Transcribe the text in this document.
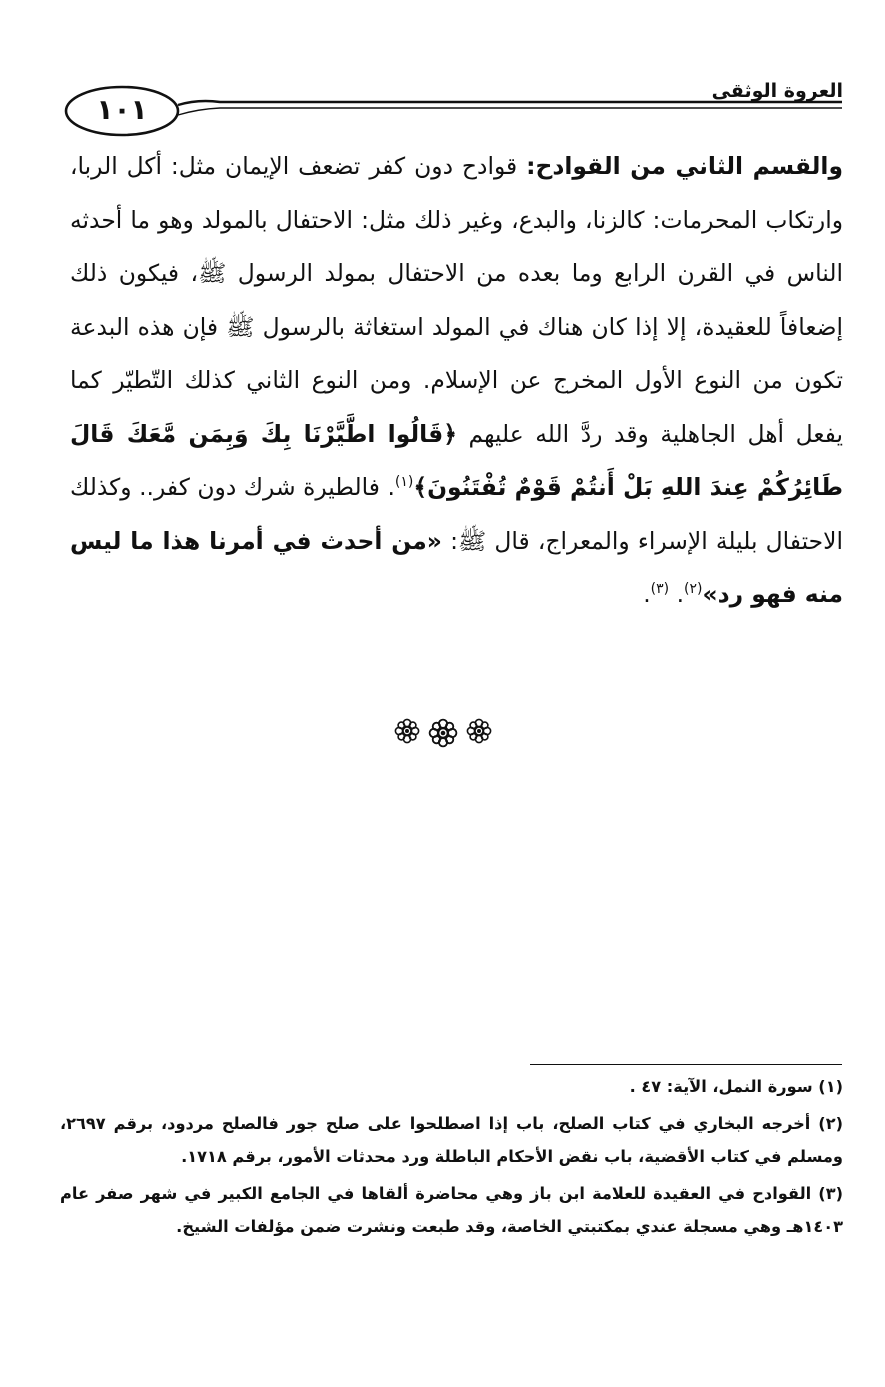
العروة الوثقى
١٠١
والقسم الثاني من القوادح: قوادح دون كفر تضعف الإيمان مثل: أكل الربا، وارتكاب المحرمات: كالزنا، والبدع، وغير ذلك مثل: الاحتفال بالمولد وهو ما أحدثه الناس في القرن الرابع وما بعده من الاحتفال بمولد الرسول ﷺ، فيكون ذلك إضعافاً للعقيدة، إلا إذا كان هناك في المولد استغاثة بالرسول ﷺ فإن هذه البدعة تكون من النوع الأول المخرج عن الإسلام. ومن النوع الثاني كذلك التّطيّر كما يفعل أهل الجاهلية وقد ردَّ الله عليهم ﴿قَالُوا اطَّيَّرْنَا بِكَ وَبِمَن مَّعَكَ قَالَ طَائِرُكُمْ عِندَ اللهِ بَلْ أَنتُمْ قَوْمٌ تُفْتَنُونَ﴾$^{(١)}$. فالطيرة شرك دون كفر.. وكذلك الاحتفال بليلة الإسراء والمعراج، قال ﷺ: «من أحدث في أمرنا هذا ما ليس منه فهو رد»$^{(٢)}$. $^{(٣)}$.

(١) سورة النمل، الآية: ٤٧ .

(٢) أخرجه البخاري في كتاب الصلح، باب إذا اصطلحوا على صلح جور فالصلح مردود، برقم ٢٦٩٧، ومسلم في كتاب الأقضية، باب نقض الأحكام الباطلة ورد محدثات الأمور، برقم ١٧١٨.

(٣) القوادح في العقيدة للعلامة ابن باز وهي محاضرة ألقاها في الجامع الكبير في شهر صفر عام ١٤٠٣هـ وهي مسجلة عندي بمكتبتي الخاصة، وقد طبعت ونشرت ضمن مؤلفات الشيخ.
